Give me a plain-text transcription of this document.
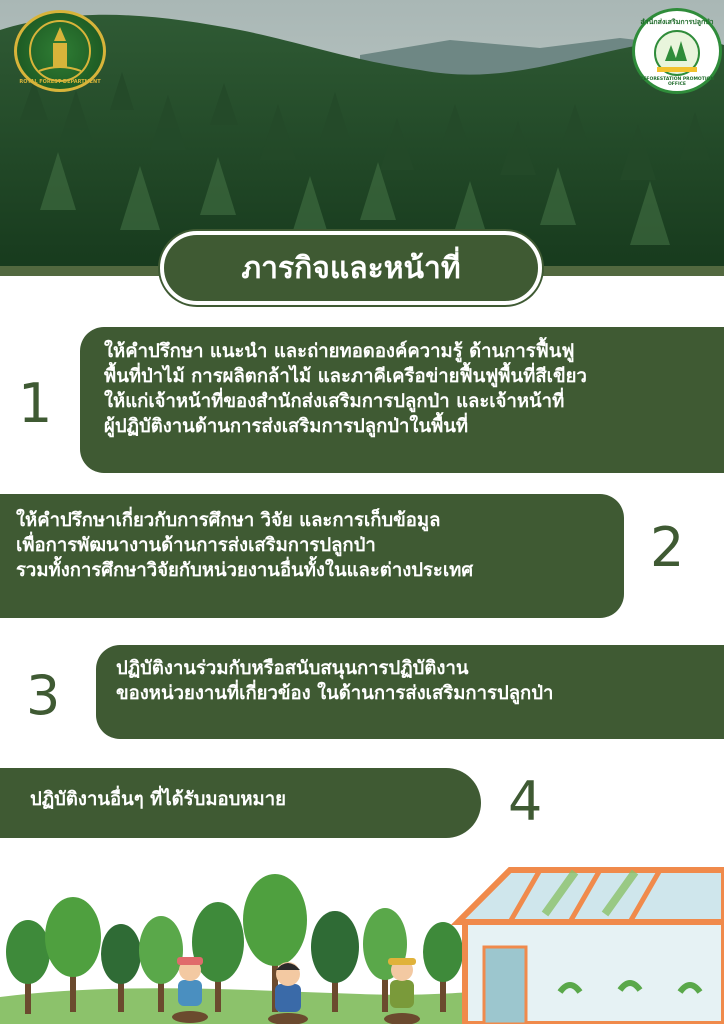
ROYAL FOREST DEPARTMENT
สำนักส่งเสริมการปลูกป่า
REFORESTATION PROMOTION OFFICE
ภารกิจและหน้าที่

ให้คำปรึกษา แนะนำ และถ่ายทอดองค์ความรู้ ด้านการฟื้นฟู

พื้นที่ป่าไม้ การผลิตกล้าไม้ และภาคีเครือข่ายฟื้นฟูพื้นที่สีเขียว

ให้แก่เจ้าหน้าที่ของสำนักส่งเสริมการปลูกป่า และเจ้าหน้าที่

ผู้ปฏิบัติงานด้านการส่งเสริมการปลูกป่าในพื้นที่

1

ให้คำปรึกษาเกี่ยวกับการศึกษา วิจัย และการเก็บข้อมูล

เพื่อการพัฒนางานด้านการส่งเสริมการปลูกป่า

รวมทั้งการศึกษาวิจัยกับหน่วยงานอื่นทั้งในและต่างประเทศ	2

ปฏิบัติงานร่วมกับหรือสนับสนุนการปฏิบัติงาน

ของหน่วยงานที่เกี่ยวข้อง ในด้านการส่งเสริมการปลูกป่า

3

ปฏิบัติงานอื่นๆ ที่ได้รับมอบหมาย	4
